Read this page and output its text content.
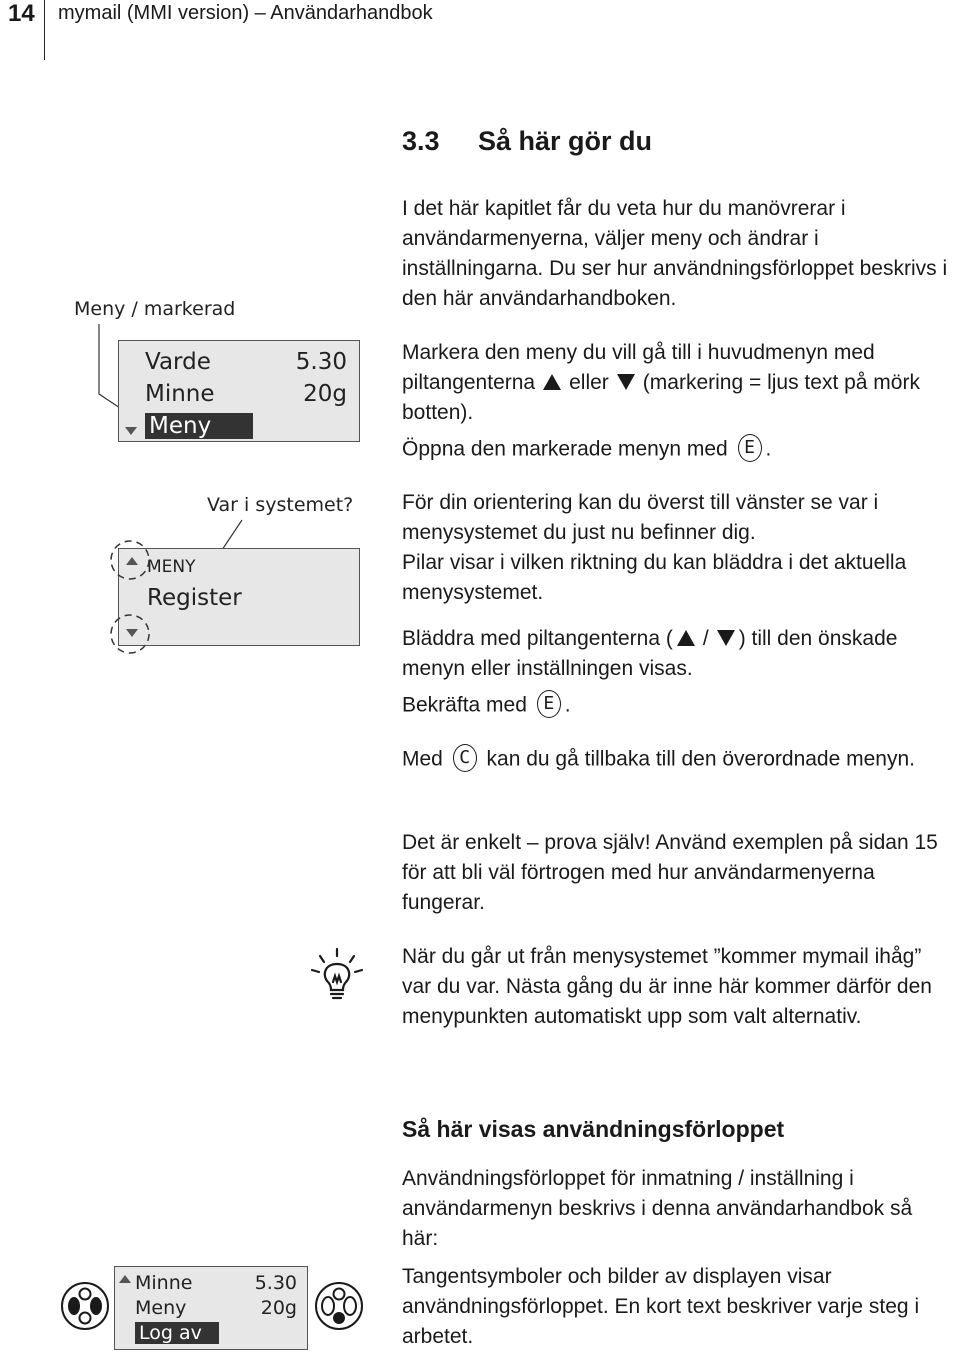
14 mymail (MMI version) – Användarhandbok
3.3 Så här gör du

I det här kapitlet får du veta hur du manövrerar i användarmenyerna, väljer meny och ändrar i inställningarna. Du ser hur användningsförloppet beskrivs i den här användarhandboken.

Markera den meny du vill gå till i huvudmenyn med piltangenterna eller (markering = ljus text på mörk botten).

Öppna den markerade menyn med E .

För din orientering kan du överst till vänster se var i menysystemet du just nu befinner dig.

Pilar visar i vilken riktning du kan bläddra i det aktuella menysystemet.

Bläddra med piltangenterna ( / ) till den önskade menyn eller inställningen visas.

Bekräfta med E .

Med C kan du gå tillbaka till den överordnade menyn.

Det är enkelt – prova själv! Använd exemplen på sidan 15 för att bli väl förtrogen med hur användarmenyerna fungerar.

När du går ut från menysystemet ”kommer mymail ihåg” var du var. Nästa gång du är inne här kommer därför den menypunkten automatiskt upp som valt alternativ.

Så här visas användningsförloppet

Användningsförloppet för inmatning / inställning i användarmenyn beskrivs i denna användarhandbok så här:

Tangentsymboler och bilder av displayen visar användningsförloppet. En kort text beskriver varje steg i arbetet.

Meny / markerad
Varde	5.30
Minne	20g
Meny
Var i systemet?
MENY
Register
Minne	5.30
Meny	20g
Log av
